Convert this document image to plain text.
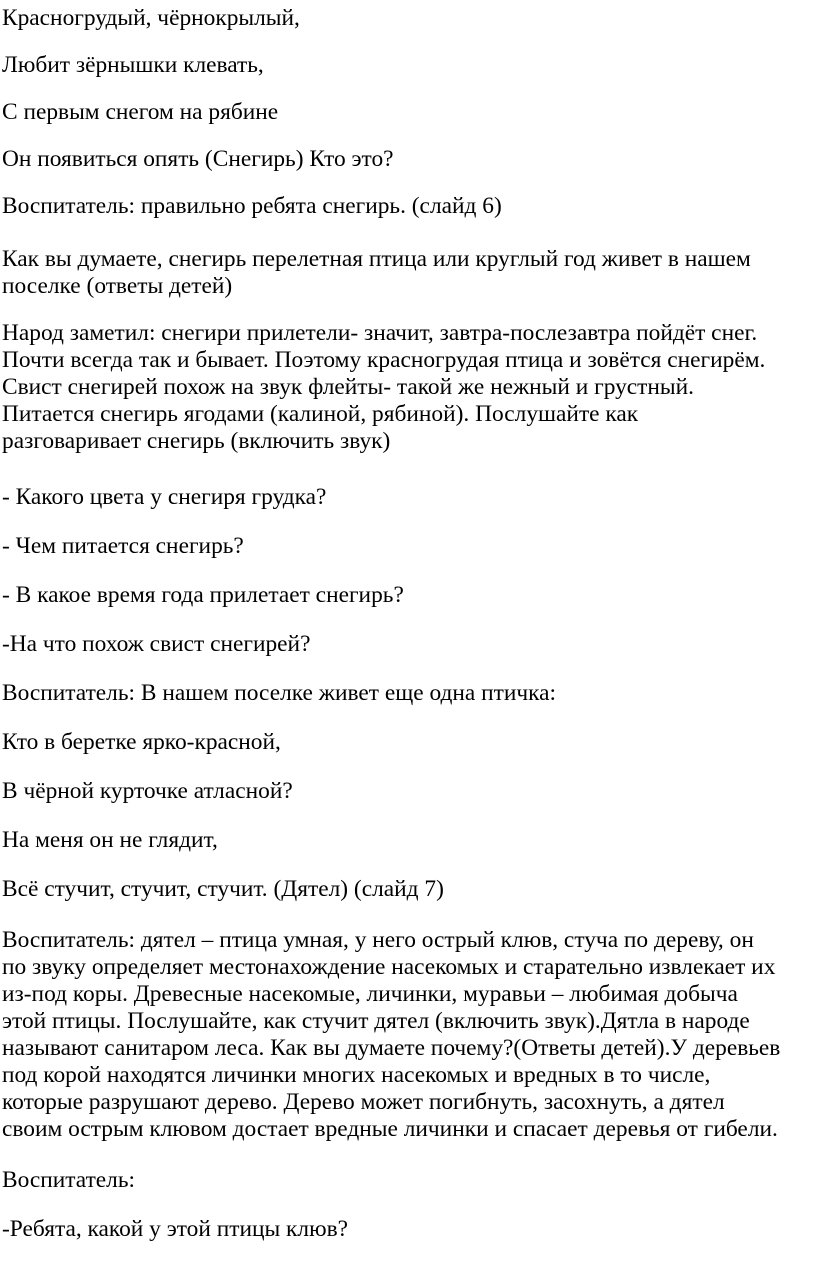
Красногрудый, чёрнокрылый,

Любит зёрнышки клевать,

С первым снегом на рябине

Он появиться опять (Снегирь) Кто это?

Воспитатель: правильно ребята снегирь. (слайд 6)

Как вы думаете, снегирь перелетная птица или круглый год живет в нашем
поселке (ответы детей)

Народ заметил: снегири прилетели- значит, завтра-послезавтра пойдёт снег.
Почти всегда так и бывает. Поэтому красногрудая птица и зовётся снегирём.
Свист снегирей похож на звук флейты- такой же нежный и грустный.
Питается снегирь ягодами (калиной, рябиной). Послушайте как
разговаривает снегирь (включить звук)

- Какого цвета у снегиря грудка?

- Чем питается снегирь?

- В какое время года прилетает снегирь?

-На что похож свист снегирей?

Воспитатель: В нашем поселке живет еще одна птичка:

Кто в беретке ярко-красной,

В чёрной курточке атласной?

На меня он не глядит,

Всё стучит, стучит, стучит. (Дятел) (слайд 7)

Воспитатель: дятел – птица умная, у него острый клюв, стуча по дереву, он
по звуку определяет местонахождение насекомых и старательно извлекает их
из-под коры. Древесные насекомые, личинки, муравьи – любимая добыча
этой птицы. Послушайте, как стучит дятел (включить звук).Дятла в народе
называют санитаром леса. Как вы думаете почему?(Ответы детей).У деревьев
под корой находятся личинки многих насекомых и вредных в то числе,
которые разрушают дерево. Дерево может погибнуть, засохнуть, а дятел
своим острым клювом достает вредные личинки и спасает деревья от гибели.

Воспитатель:

-Ребята, какой у этой птицы клюв?
